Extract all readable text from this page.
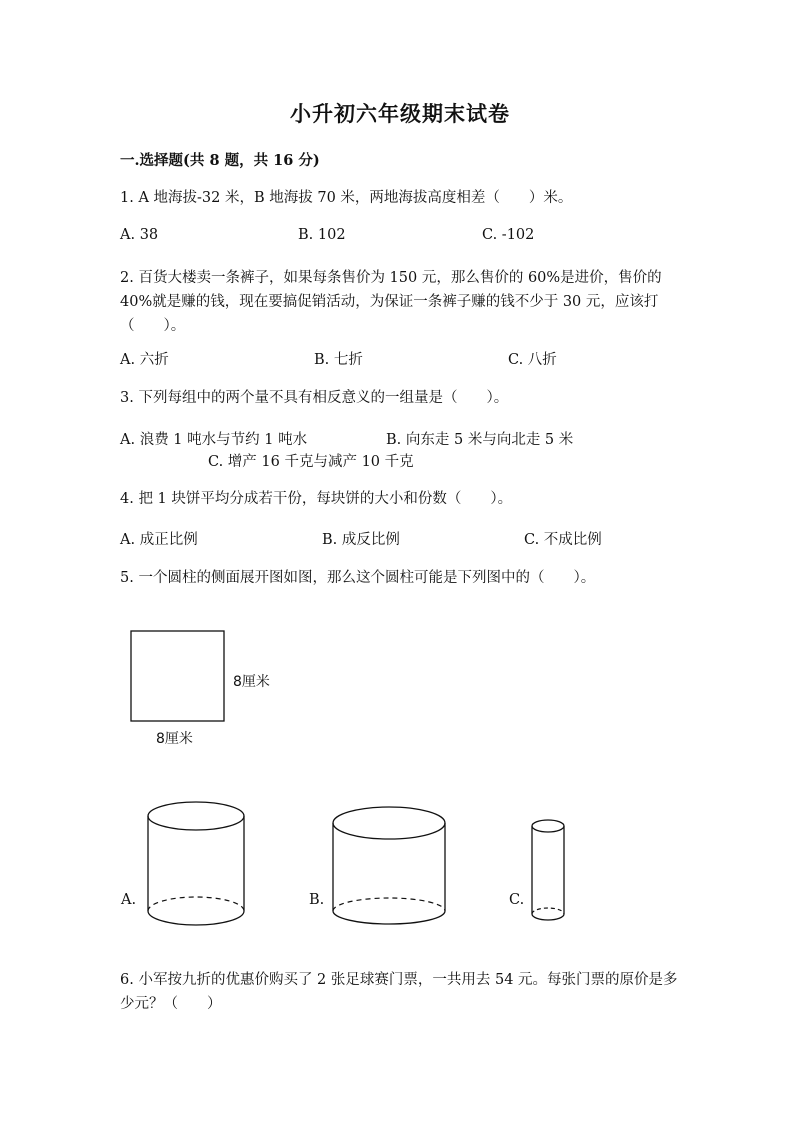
小升初六年级期末试卷
一.选择题(共 8 题，共 16 分)
1. A 地海拔-32 米，B 地海拔 70 米，两地海拔高度相差（　　）米。
A. 38	B. 102	C. -102
2. 百货大楼卖一条裤子，如果每条售价为 150 元，那么售价的 60%是进价，售价的 40%就是赚的钱，现在要搞促销活动，为保证一条裤子赚的钱不少于 30 元，应该打（　　）。
A. 六折	B. 七折	C. 八折
3. 下列每组中的两个量不具有相反意义的一组量是（　　）。
A. 浪费 1 吨水与节约 1 吨水	B. 向东走 5 米与向北走 5 米
C. 增产 16 千克与减产 10 千克
4. 把 1 块饼平均分成若干份，每块饼的大小和份数（　　）。
A. 成正比例	B. 成反比例	C. 不成比例
5. 一个圆柱的侧面展开图如图，那么这个圆柱可能是下列图中的（　　）。
8厘米
8厘米
A.	B.	C.
6. 小军按九折的优惠价购买了 2 张足球赛门票，一共用去 54 元。每张门票的原价是多少元？（　　）
